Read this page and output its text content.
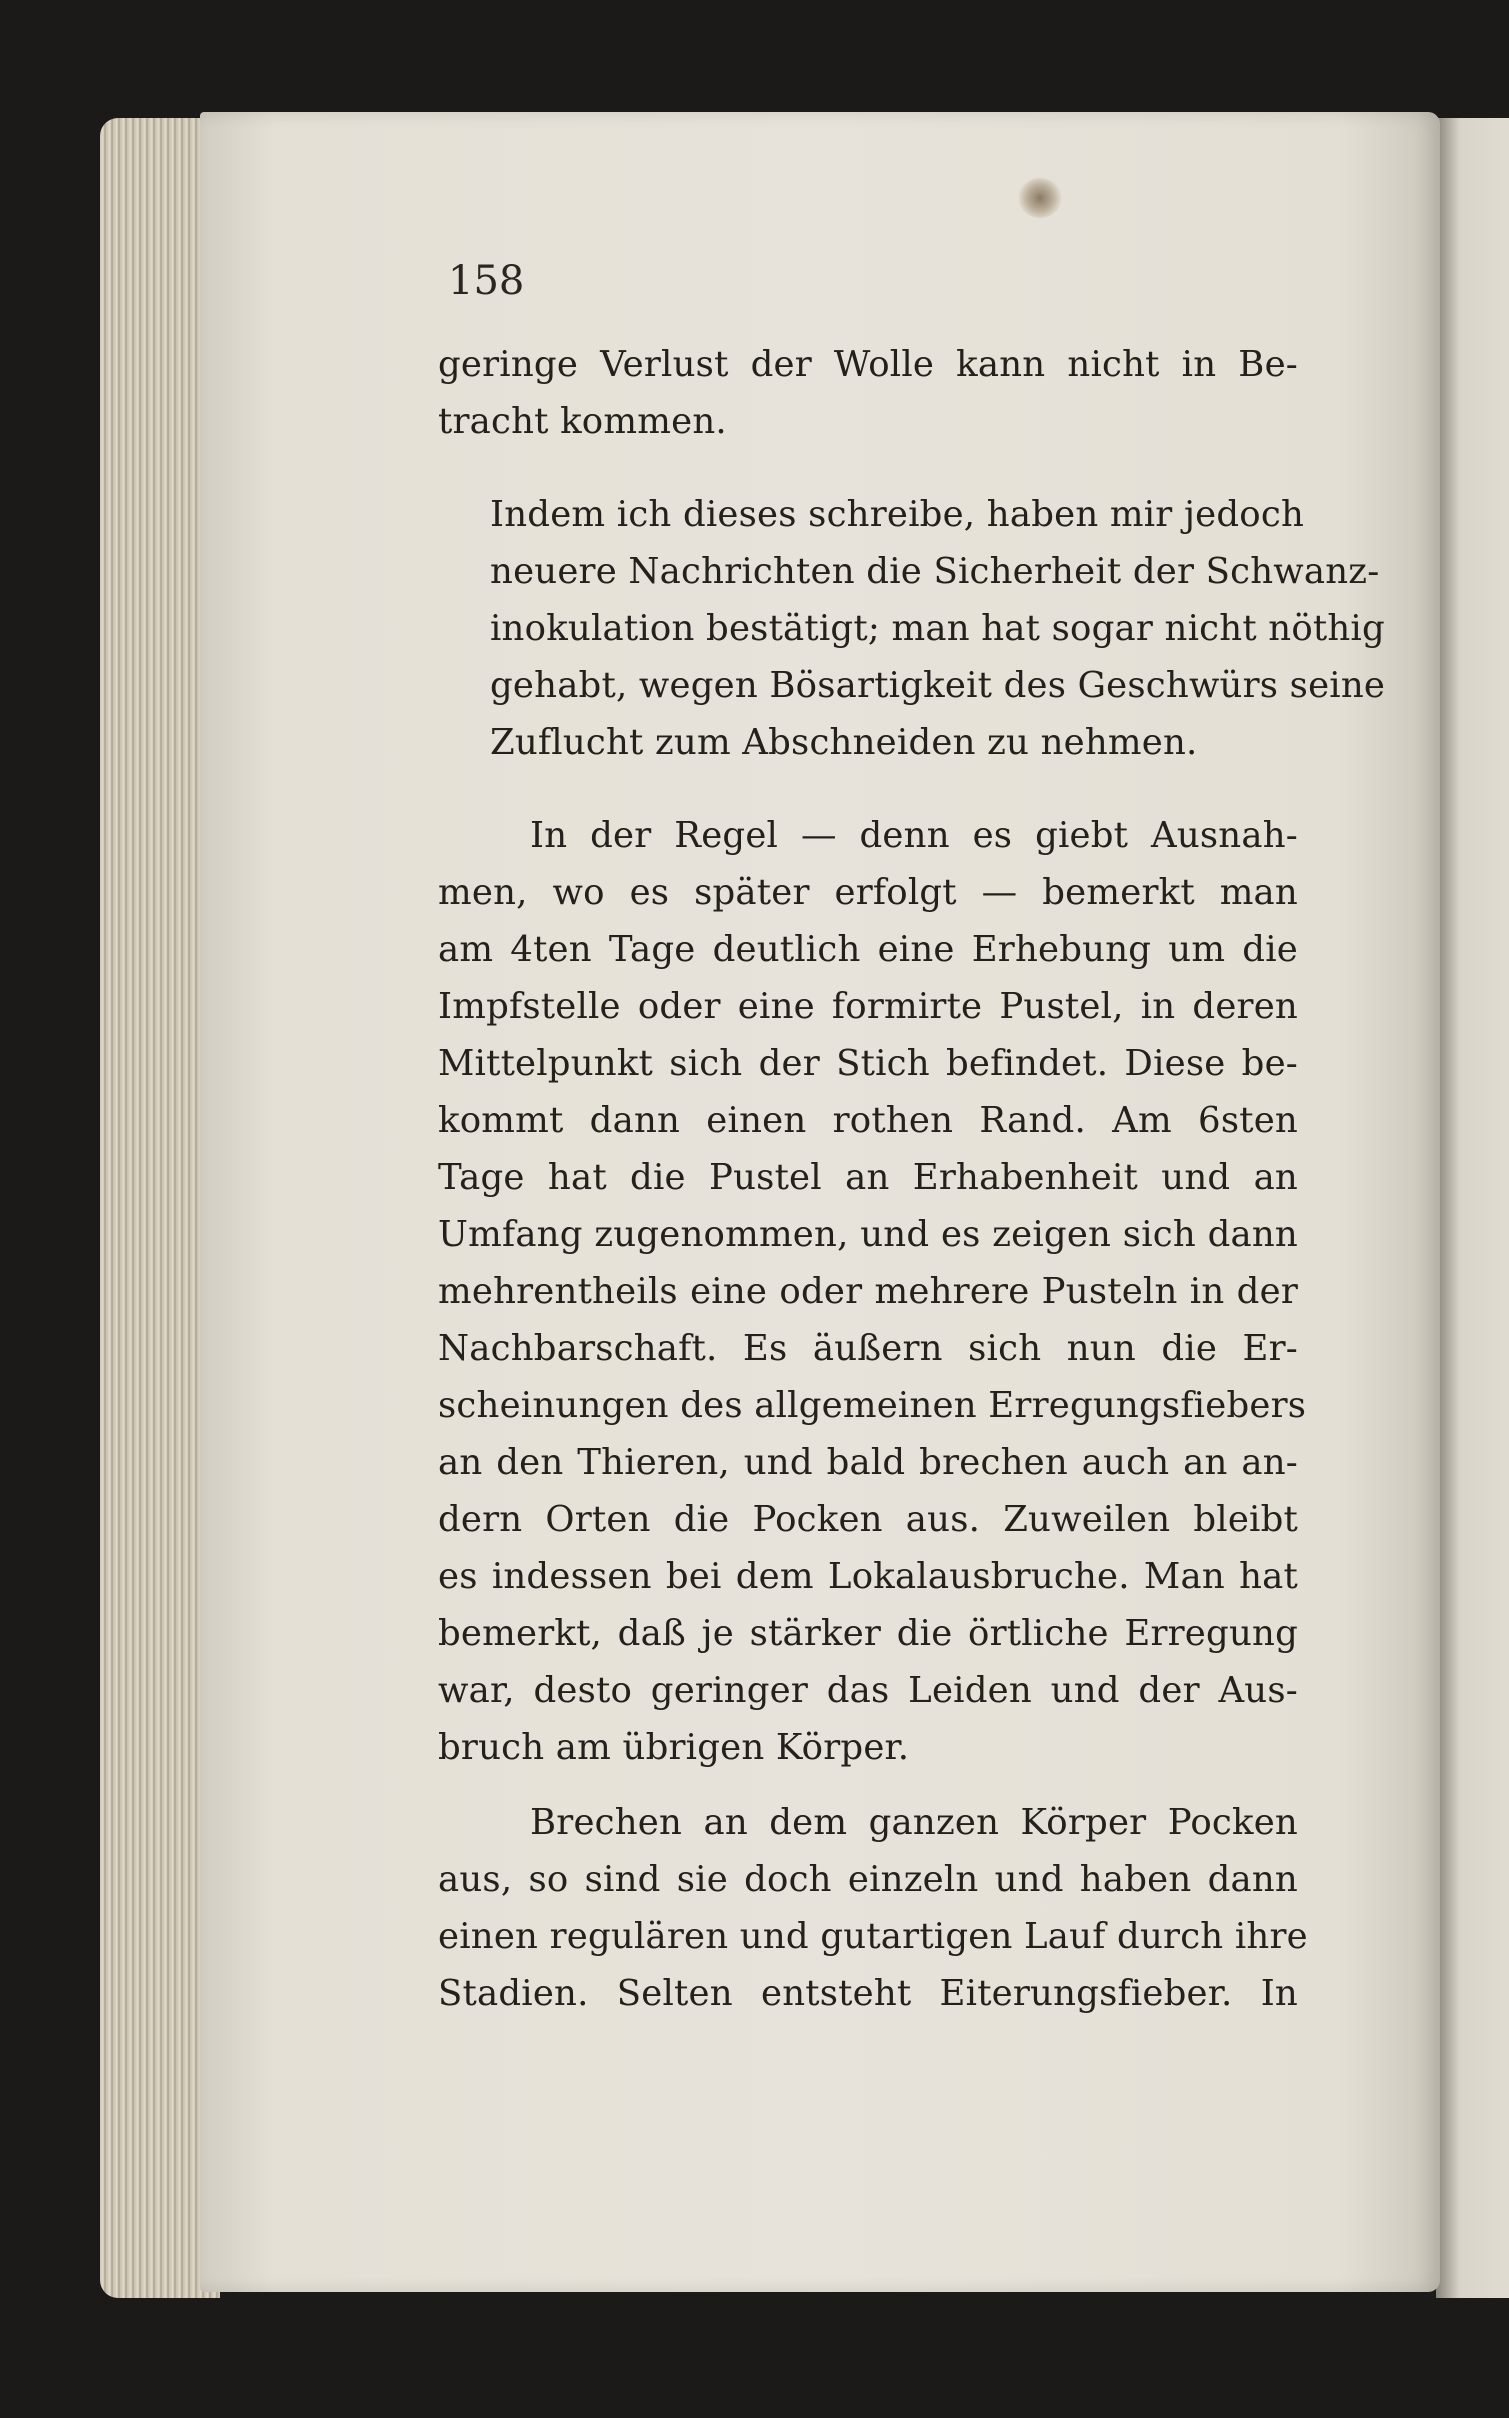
158
geringe Verlust der Wolle kann nicht in Be-
tracht kommen.
Indem ich dieses schreibe, haben mir jedoch
neuere Nachrichten die Sicherheit der Schwanz-
inokulation bestätigt; man hat sogar nicht nöthig
gehabt, wegen Bösartigkeit des Geschwürs seine
Zuflucht zum Abschneiden zu nehmen.
In der Regel — denn es giebt Ausnah-
men, wo es später erfolgt — bemerkt man
am 4ten Tage deutlich eine Erhebung um die
Impfstelle oder eine formirte Pustel, in deren
Mittelpunkt sich der Stich befindet. Diese be-
kommt dann einen rothen Rand. Am 6sten
Tage hat die Pustel an Erhabenheit und an
Umfang zugenommen, und es zeigen sich dann
mehrentheils eine oder mehrere Pusteln in der
Nachbarschaft. Es äußern sich nun die Er-
scheinungen des allgemeinen Erregungsfiebers
an den Thieren, und bald brechen auch an an-
dern Orten die Pocken aus. Zuweilen bleibt
es indessen bei dem Lokalausbruche. Man hat
bemerkt, daß je stärker die örtliche Erregung
war, desto geringer das Leiden und der Aus-
bruch am übrigen Körper.
Brechen an dem ganzen Körper Pocken
aus, so sind sie doch einzeln und haben dann
einen regulären und gutartigen Lauf durch ihre
Stadien. Selten entsteht Eiterungsfieber. In
